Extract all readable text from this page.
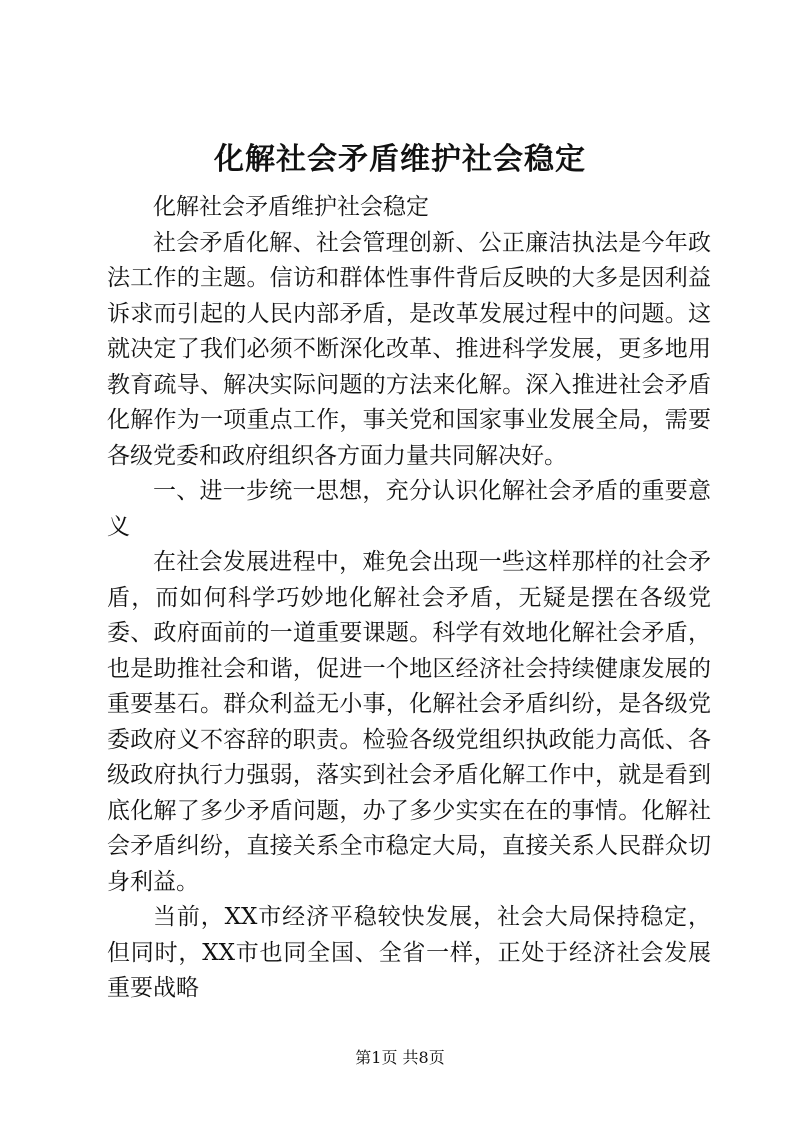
化解社会矛盾维护社会稳定

化解社会矛盾维护社会稳定

社会矛盾化解、社会管理创新、公正廉洁执法是今年政法工作的主题。信访和群体性事件背后反映的大多是因利益诉求而引起的人民内部矛盾，是改革发展过程中的问题。这就决定了我们必须不断深化改革、推进科学发展，更多地用教育疏导、解决实际问题的方法来化解。深入推进社会矛盾化解作为一项重点工作，事关党和国家事业发展全局，需要各级党委和政府组织各方面力量共同解决好。

一、进一步统一思想，充分认识化解社会矛盾的重要意义

在社会发展进程中，难免会出现一些这样那样的社会矛盾，而如何科学巧妙地化解社会矛盾，无疑是摆在各级党委、政府面前的一道重要课题。科学有效地化解社会矛盾，也是助推社会和谐，促进一个地区经济社会持续健康发展的重要基石。群众利益无小事，化解社会矛盾纠纷，是各级党委政府义不容辞的职责。检验各级党组织执政能力高低、各级政府执行力强弱，落实到社会矛盾化解工作中，就是看到底化解了多少矛盾问题，办了多少实实在在的事情。化解社会矛盾纠纷，直接关系全市稳定大局，直接关系人民群众切身利益。

当前，XX市经济平稳较快发展，社会大局保持稳定，但同时，XX市也同全国、全省一样，正处于经济社会发展重要战略

第1页 共8页
